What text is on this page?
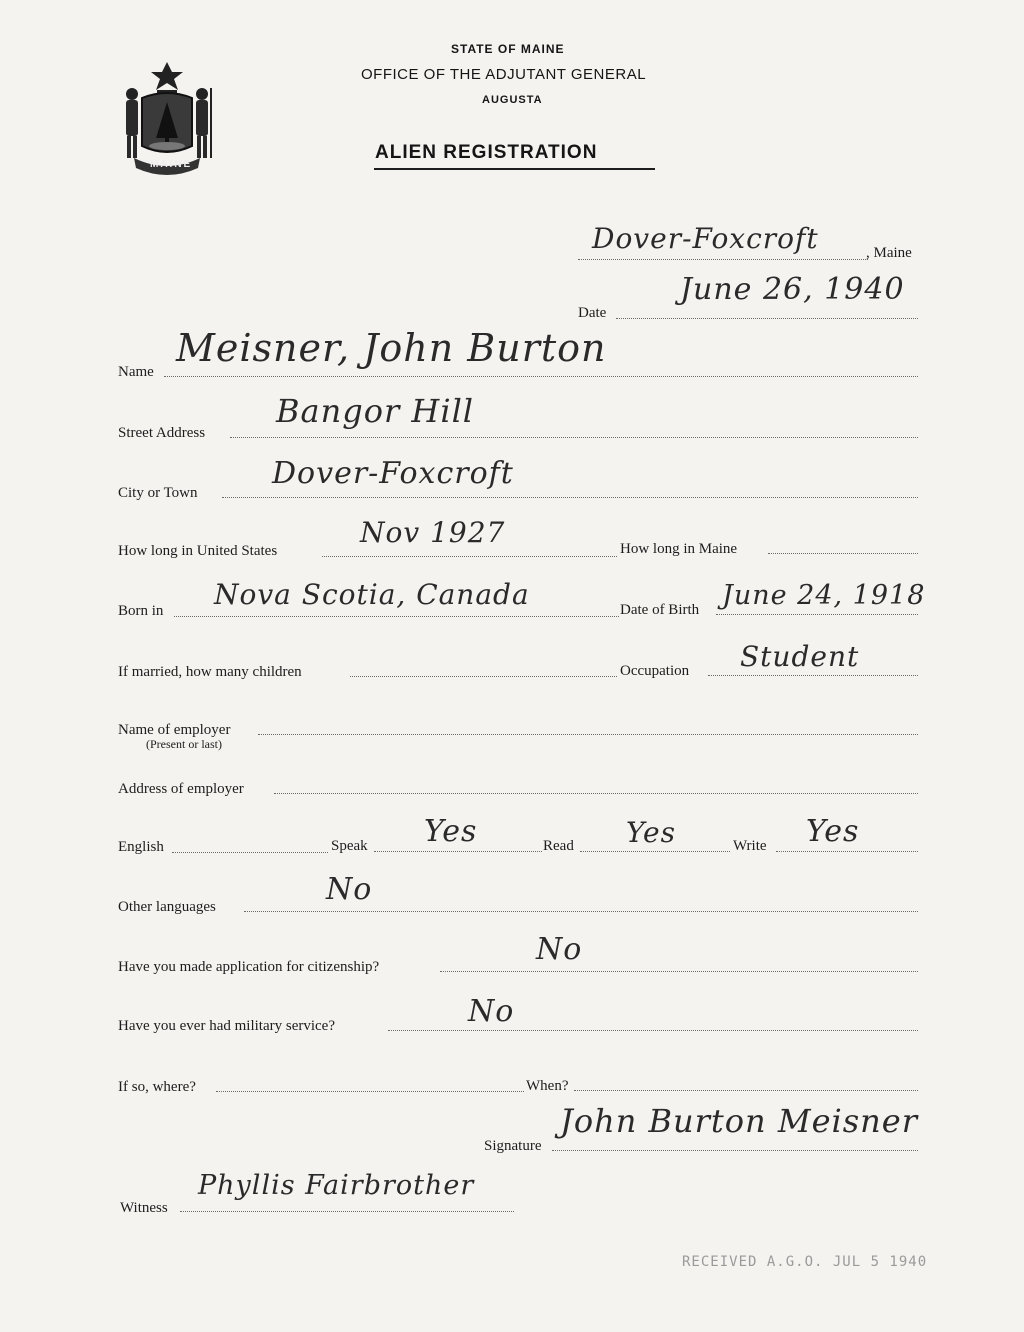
MAINE
STATE OF MAINE
OFFICE OF THE ADJUTANT GENERAL
AUGUSTA
ALIEN REGISTRATION
Dover-Foxcroft	, Maine
Date
June 26, 1940
Name
Meisner, John Burton
Street Address
Bangor Hill
City or Town
Dover-Foxcroft
How long in United States
Nov 1927	How long in Maine
Born in Nova Scotia, Canada	Date of Birth June 24, 1918
If married, how many children	Occupation Student
Name of employer
(Present or last)
Address of employer
English	Speak Yes	Read Yes	Write Yes
Other languages	No
Have you made application for citizenship?	No
Have you ever had military service?	No
If so, where?	When?
Signature
John Burton Meisner
Witness
Phyllis Fairbrother
RECEIVED A.G.O. JUL 5 1940
